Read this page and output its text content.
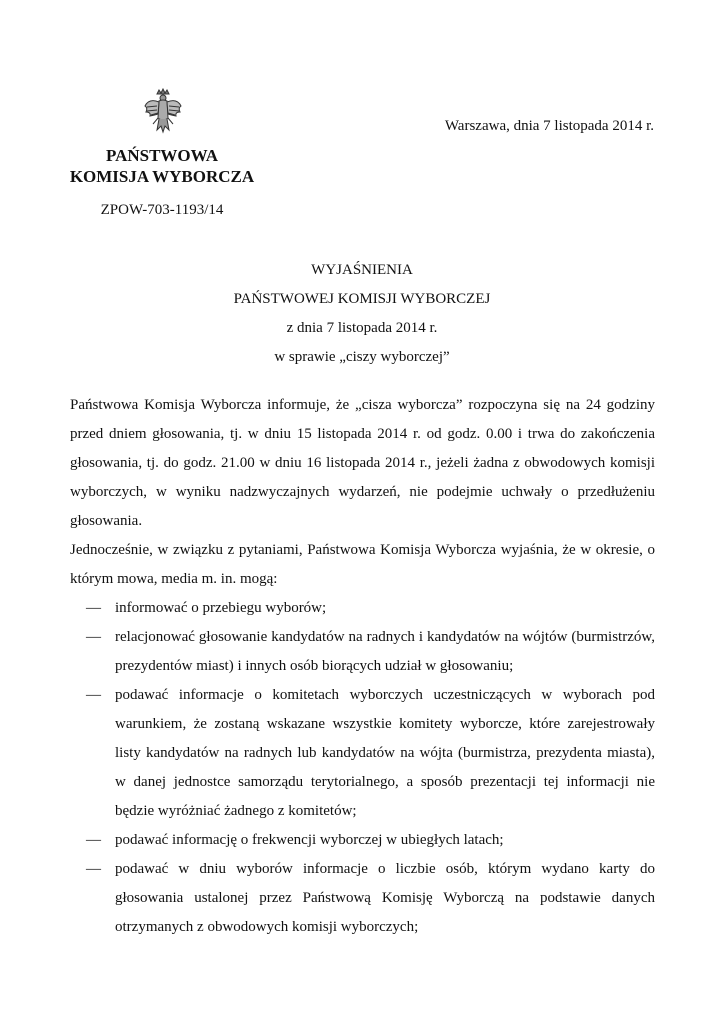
PAŃSTWOWA
KOMISJA WYBORCZA
ZPOW-703-1193/14
Warszawa, dnia 7 listopada 2014 r.
WYJAŚNIENIA
PAŃSTWOWEJ KOMISJI WYBORCZEJ
z dnia 7 listopada 2014 r.
w sprawie „ciszy wyborczej”

Państwowa Komisja Wyborcza informuje, że „cisza wyborcza” rozpoczyna się na 24 godziny przed dniem głosowania, tj. w dniu 15 listopada 2014 r. od godz. 0.00 i trwa do zakończenia głosowania, tj. do godz. 21.00 w dniu 16 listopada 2014 r., jeżeli żadna z obwodowych komisji wyborczych, w wyniku nadzwyczajnych wydarzeń, nie podejmie uchwały o przedłużeniu głosowania.

Jednocześnie, w związku z pytaniami, Państwowa Komisja Wyborcza wyjaśnia, że w okresie, o którym mowa, media m. in. mogą:

— informować o przebiegu wyborów;
— relacjonować głosowanie kandydatów na radnych i kandydatów na wójtów (burmistrzów, prezydentów miast) i innych osób biorących udział w głosowaniu;
— podawać informacje o komitetach wyborczych uczestniczących w wyborach pod warunkiem, że zostaną wskazane wszystkie komitety wyborcze, które zarejestrowały listy kandydatów na radnych lub kandydatów na wójta (burmistrza, prezydenta miasta), w danej jednostce samorządu terytorialnego, a sposób prezentacji tej informacji nie będzie wyróżniać żadnego z komitetów;
— podawać informację o frekwencji wyborczej w ubiegłych latach;
— podawać w dniu wyborów informacje o liczbie osób, którym wydano karty do głosowania ustalonej przez Państwową Komisję Wyborczą na podstawie danych otrzymanych z obwodowych komisji wyborczych;
